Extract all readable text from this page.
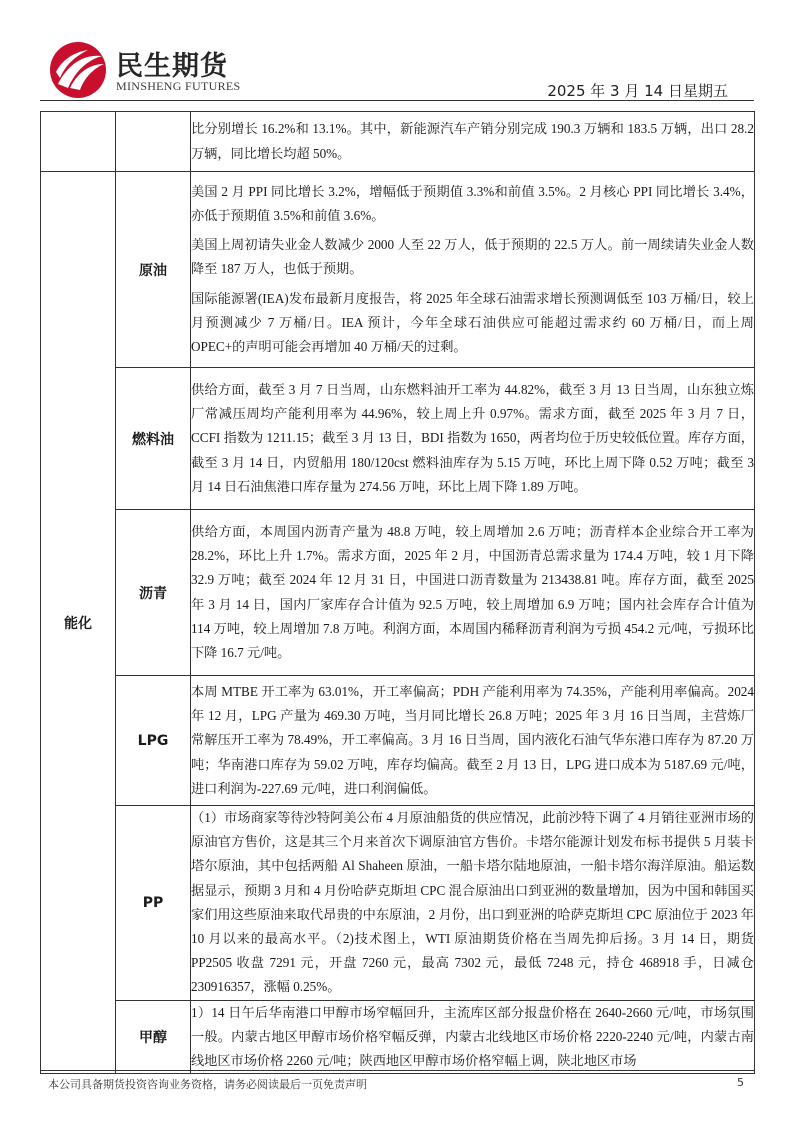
民生期货
MINSHENG FUTURES	2025 年 3 月 14 日星期五

		比分别增长 16.2%和 13.1%。其中，新能源汽车产销分别完成 190.3 万辆和 183.5 万辆，出口 28.2 万辆，同比增长均超 50%。

能化	原油	美国 2 月 PPI 同比增长 3.2%，增幅低于预期值 3.3%和前值 3.5%。2 月核心 PPI 同比增长 3.4%，亦低于预期值 3.5%和前值 3.6%。

美国上周初请失业金人数减少 2000 人至 22 万人，低于预期的 22.5 万人。前一周续请失业金人数降至 187 万人，也低于预期。

国际能源署(IEA)发布最新月度报告，将 2025 年全球石油需求增长预测调低至 103 万桶/日，较上月预测减少 7 万桶/日。IEA 预计，今年全球石油供应可能超过需求约 60 万桶/日，而上周 OPEC+的声明可能会再增加 40 万桶/天的过剩。

	燃料油	供给方面，截至 3 月 7 日当周，山东燃料油开工率为 44.82%，截至 3 月 13 日当周，山东独立炼厂常减压周均产能利用率为 44.96%，较上周上升 0.97%。需求方面，截至 2025 年 3 月 7 日，CCFI 指数为 1211.15；截至 3 月 13 日，BDI 指数为 1650，两者均位于历史较低位置。库存方面，截至 3 月 14 日，内贸船用 180/120cst 燃料油库存为 5.15 万吨，环比上周下降 0.52 万吨；截至 3 月 14 日石油焦港口库存量为 274.56 万吨，环比上周下降 1.89 万吨。

	沥青	供给方面，本周国内沥青产量为 48.8 万吨，较上周增加 2.6 万吨；沥青样本企业综合开工率为 28.2%，环比上升 1.7%。需求方面，2025 年 2 月，中国沥青总需求量为 174.4 万吨，较 1 月下降 32.9 万吨；截至 2024 年 12 月 31 日，中国进口沥青数量为 213438.81 吨。库存方面，截至 2025 年 3 月 14 日，国内厂家库存合计值为 92.5 万吨，较上周增加 6.9 万吨；国内社会库存合计值为 114 万吨，较上周增加 7.8 万吨。利润方面，本周国内稀释沥青利润为亏损 454.2 元/吨，亏损环比下降 16.7 元/吨。

	LPG	本周 MTBE 开工率为 63.01%，开工率偏高；PDH 产能利用率为 74.35%，产能利用率偏高。2024 年 12 月，LPG 产量为 469.30 万吨，当月同比增长 26.8 万吨；2025 年 3 月 16 日当周，主营炼厂常解压开工率为 78.49%，开工率偏高。3 月 16 日当周，国内液化石油气华东港口库存为 87.20 万吨；华南港口库存为 59.02 万吨，库存均偏高。截至 2 月 13 日，LPG 进口成本为 5187.69 元/吨，进口利润为-227.69 元/吨，进口利润偏低。

	PP	（1）市场商家等待沙特阿美公布 4 月原油船货的供应情况，此前沙特下调了 4 月销往亚洲市场的原油官方售价，这是其三个月来首次下调原油官方售价。卡塔尔能源计划发布标书提供 5 月装卡塔尔原油，其中包括两船 Al Shaheen 原油，一船卡塔尔陆地原油，一船卡塔尔海洋原油。船运数据显示，预期 3 月和 4 月份哈萨克斯坦 CPC 混合原油出口到亚洲的数量增加，因为中国和韩国买家们用这些原油来取代昂贵的中东原油，2 月份，出口到亚洲的哈萨克斯坦 CPC 原油位于 2023 年 10 月以来的最高水平。（2)技术图上，WTI 原油期货价格在当周先抑后扬。3 月 14 日，期货 PP2505 收盘 7291 元，开盘 7260 元，最高 7302 元，最低 7248 元，持仓 468918 手，日减仓 230916357，涨幅 0.25%。

	甲醇	1）14 日午后华南港口甲醇市场窄幅回升，主流库区部分报盘价格在 2640-2660 元/吨，市场氛围一般。内蒙古地区甲醇市场价格窄幅反弹，内蒙古北线地区市场价格 2220-2240 元/吨，内蒙古南线地区市场价格 2260 元/吨；陕西地区甲醇市场价格窄幅上调，陕北地区市场

本公司具备期货投资咨询业务资格，请务必阅读最后一页免责声明	5
